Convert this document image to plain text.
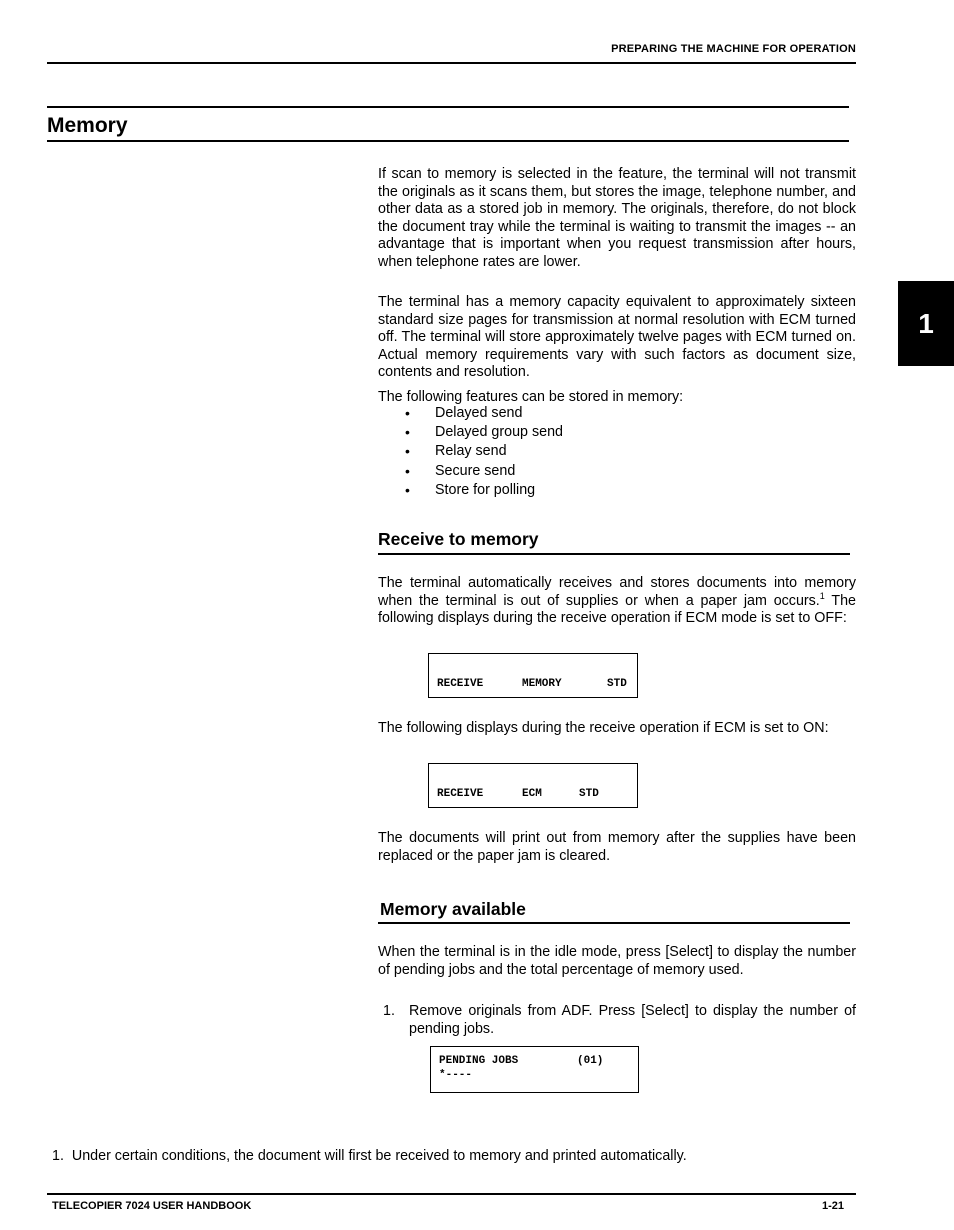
PREPARING THE MACHINE FOR OPERATION
Memory
1
If scan to memory is selected in the feature, the terminal will not transmit the originals as it scans them, but stores the image, telephone number, and other data as a stored job in memory. The originals, therefore, do not block the document tray while the terminal is waiting to transmit the images -- an advantage that is important when you request transmission after hours, when telephone rates are lower.
The terminal has a memory capacity equivalent to approximately sixteen standard size pages for transmission at normal resolution with ECM turned off. The terminal will store approximately twelve pages with ECM turned on. Actual memory requirements vary with such factors as document size, contents and resolution.
The following features can be stored in memory:
• Delayed send
• Delayed group send
• Relay send
• Secure send
• Store for polling
Receive to memory
The terminal automatically receives and stores documents into memory when the terminal is out of supplies or when a paper jam occurs.$^1$ The following displays during the receive operation if ECM mode is set to OFF:
RECEIVE	MEMORY	STD
The following displays during the receive operation if ECM is set to ON:
RECEIVE	ECM	STD
The documents will print out from memory after the supplies have been replaced or the paper jam is cleared.
Memory available
When the terminal is in the idle mode, press [Select] to display the number of pending jobs and the total percentage of memory used.
1. Remove originals from ADF. Press [Select] to display the number of pending jobs.
PENDING JOBS	(01)
*----
1. Under certain conditions, the document will first be received to memory and printed automatically.
TELECOPIER 7024 USER HANDBOOK	1-21
